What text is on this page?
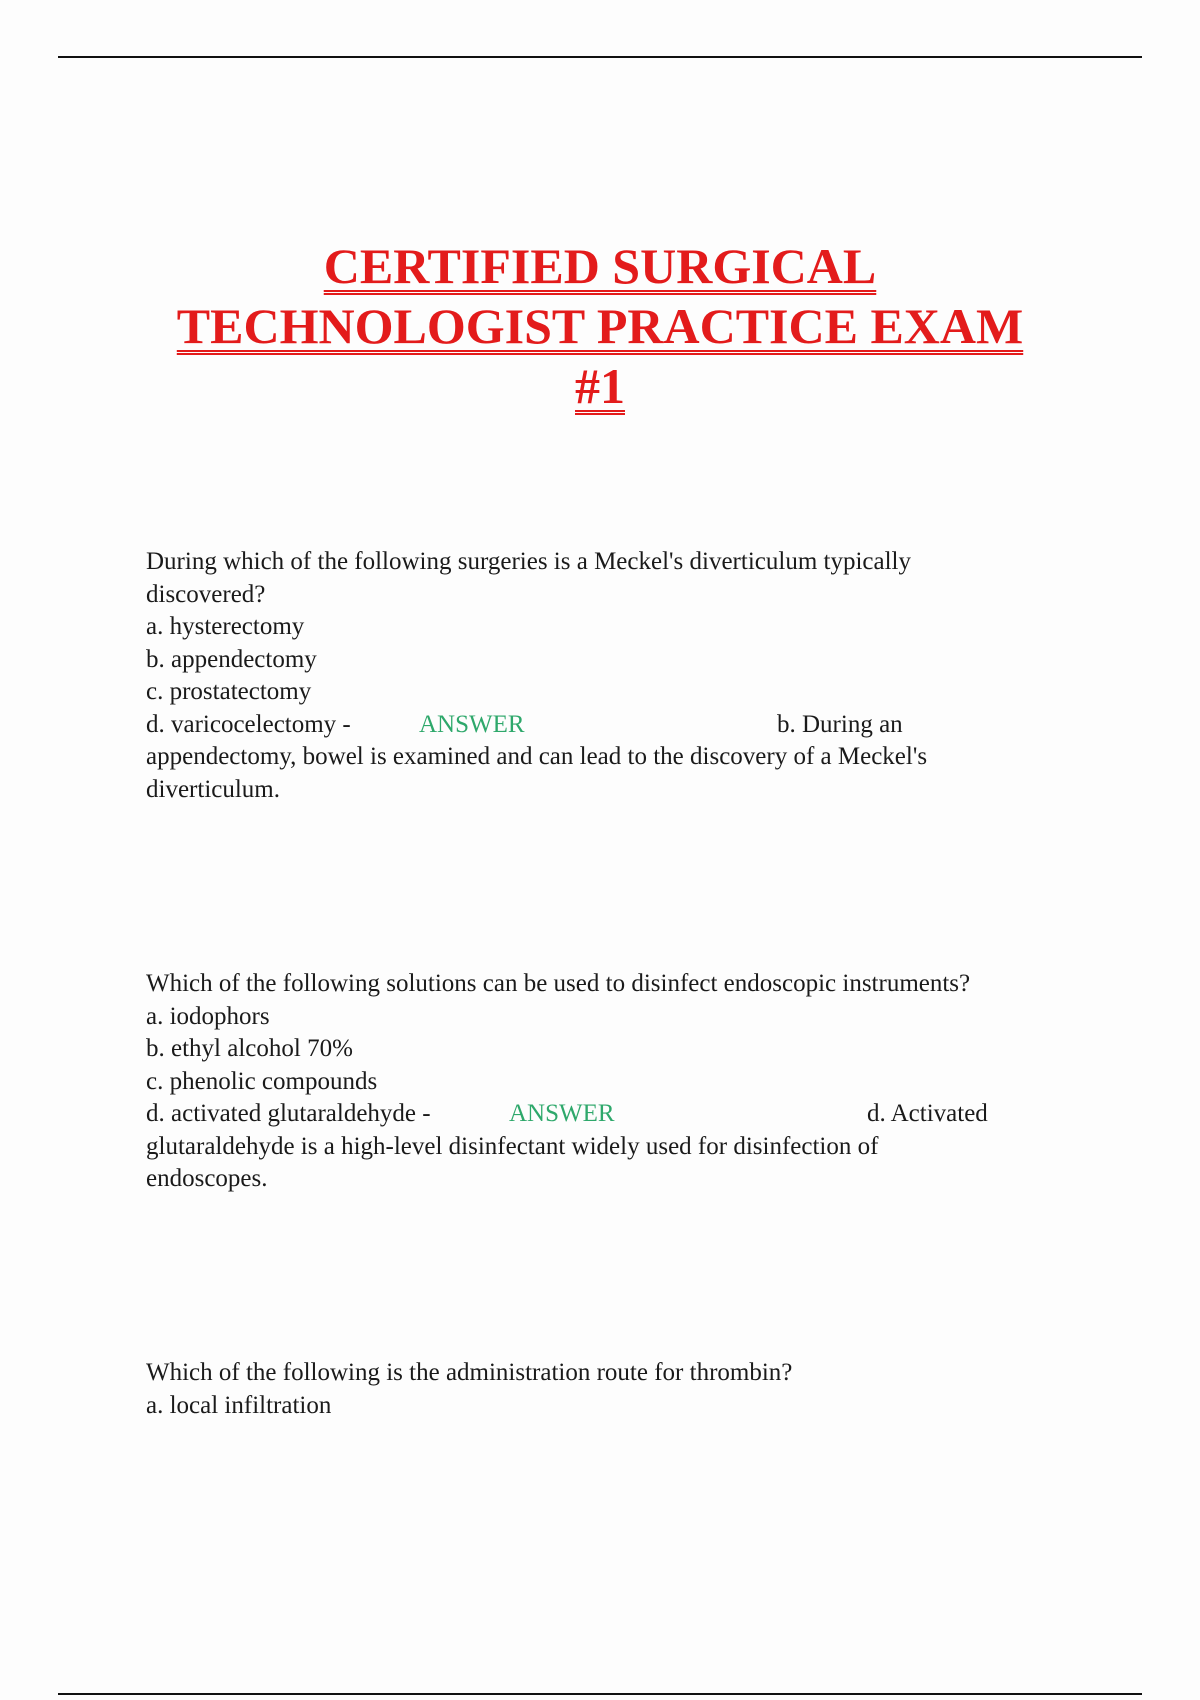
CERTIFIED SURGICAL
TECHNOLOGIST PRACTICE EXAM
#1
During which of the following surgeries is a Meckel's diverticulum typically
discovered?
a. hysterectomy
b. appendectomy
c. prostatectomy
d. varicocelectomy -	ANSWER	b. During an
appendectomy, bowel is examined and can lead to the discovery of a Meckel's
diverticulum.
Which of the following solutions can be used to disinfect endoscopic instruments?
a. iodophors
b. ethyl alcohol 70%
c. phenolic compounds
d. activated glutaraldehyde -	ANSWER	d. Activated
glutaraldehyde is a high-level disinfectant widely used for disinfection of
endoscopes.
Which of the following is the administration route for thrombin?
a. local infiltration
